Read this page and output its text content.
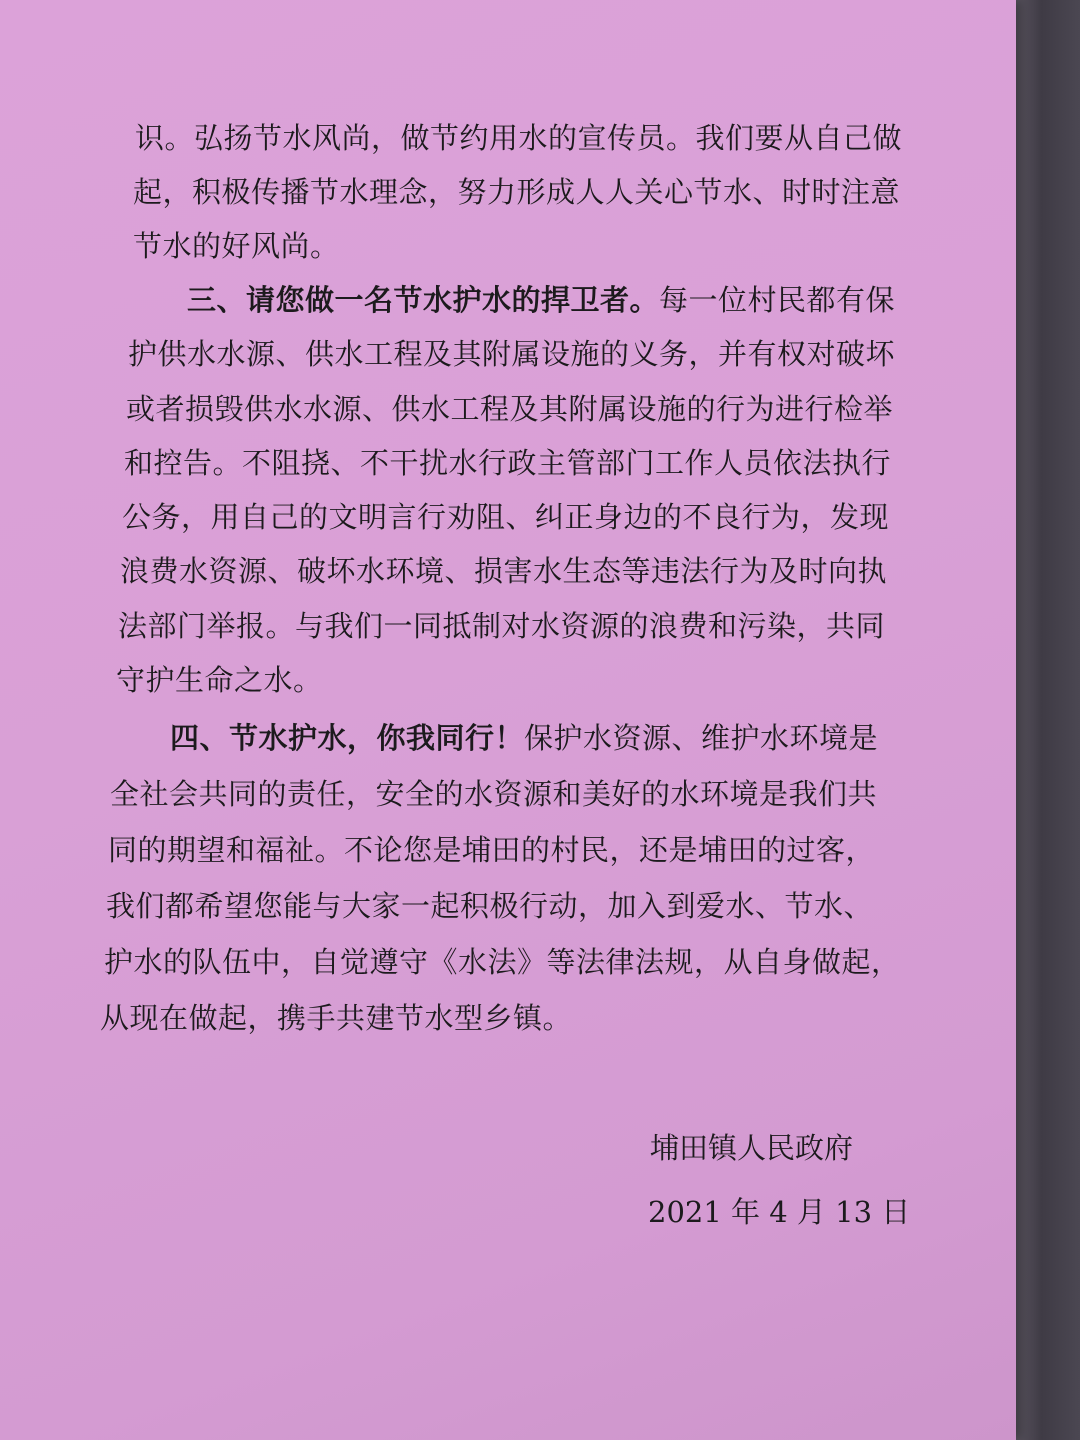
识。弘扬节水风尚，做节约用水的宣传员。我们要从自己做

起，积极传播节水理念，努力形成人人关心节水、时时注意

节水的好风尚。

三、请您做一名节水护水的捍卫者。每一位村民都有保

护供水水源、供水工程及其附属设施的义务，并有权对破坏

或者损毁供水水源、供水工程及其附属设施的行为进行检举

和控告。不阻挠、不干扰水行政主管部门工作人员依法执行

公务，用自己的文明言行劝阻、纠正身边的不良行为，发现

浪费水资源、破坏水环境、损害水生态等违法行为及时向执

法部门举报。与我们一同抵制对水资源的浪费和污染，共同

守护生命之水。

四、节水护水，你我同行！保护水资源、维护水环境是

全社会共同的责任，安全的水资源和美好的水环境是我们共

同的期望和福祉。不论您是埔田的村民，还是埔田的过客，

我们都希望您能与大家一起积极行动，加入到爱水、节水、

护水的队伍中，自觉遵守《水法》等法律法规，从自身做起，

从现在做起，携手共建节水型乡镇。

埔田镇人民政府

2021 年 4 月 13 日
